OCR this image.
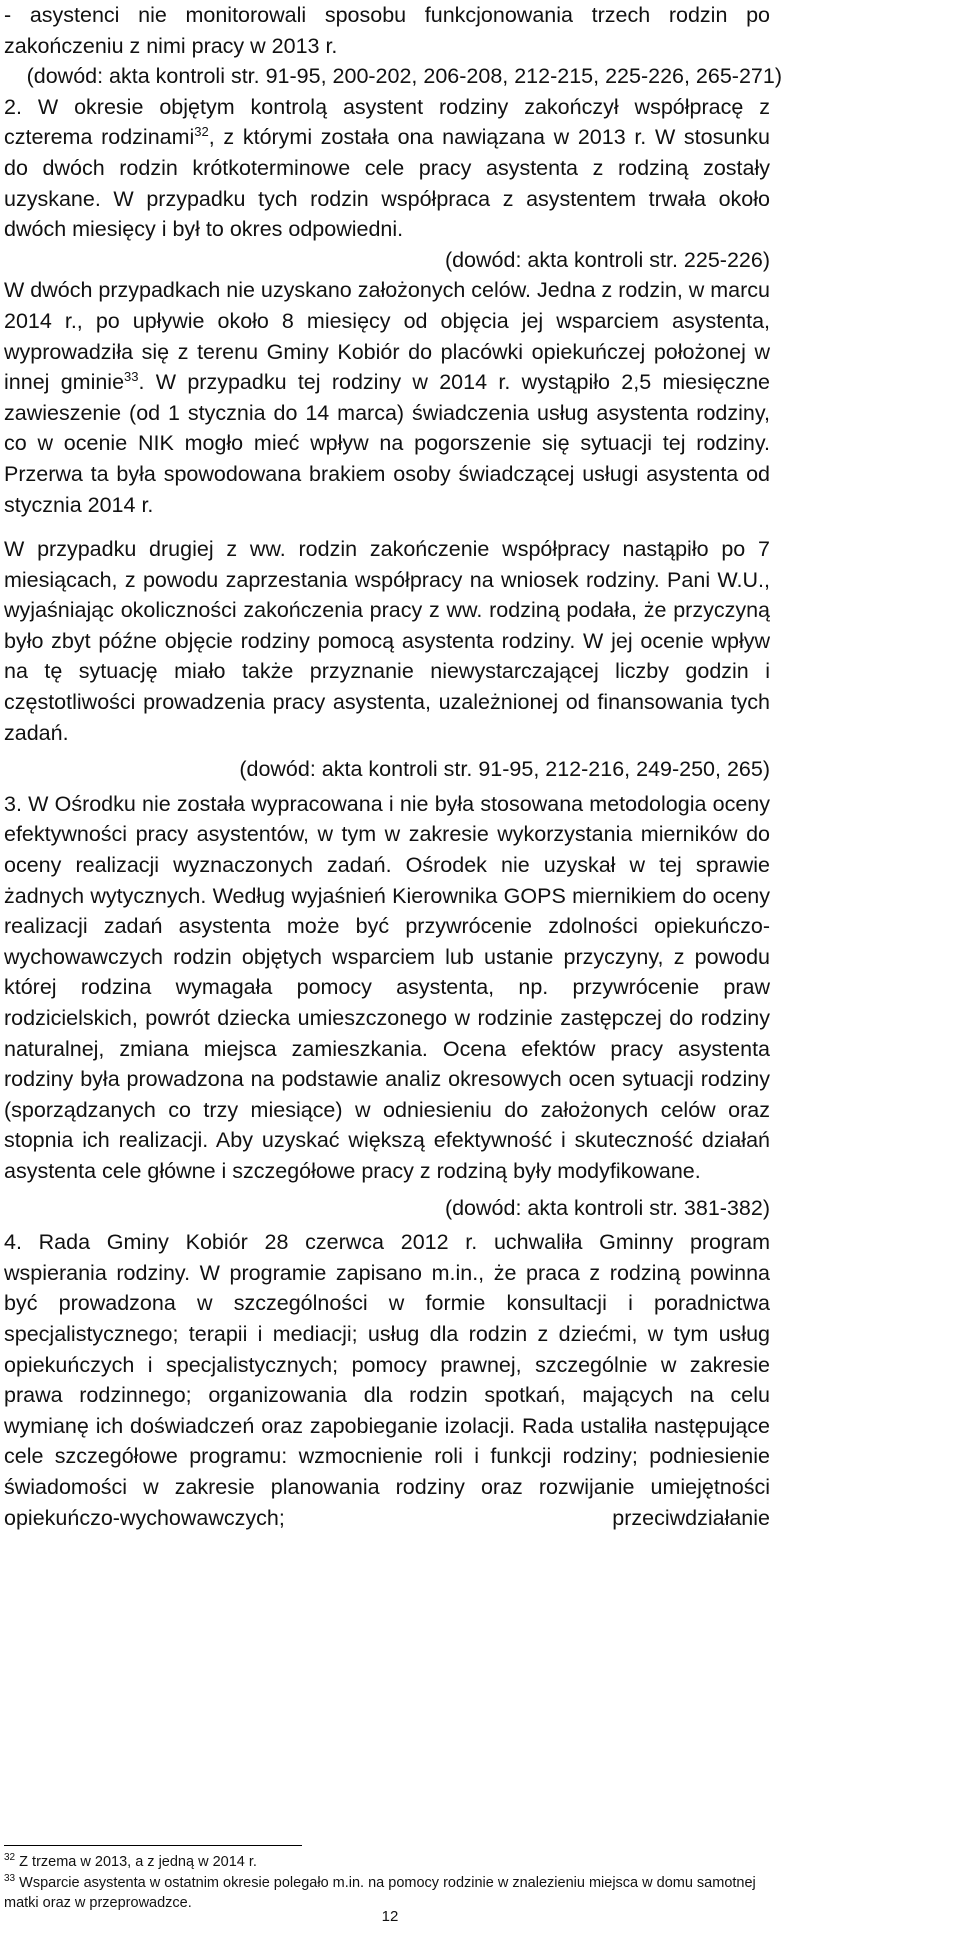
- asystenci nie monitorowali sposobu funkcjonowania trzech rodzin po zakończeniu z nimi pracy w 2013 r.

(dowód: akta kontroli str. 91-95, 200-202, 206-208, 212-215, 225-226, 265-271)

2. W okresie objętym kontrolą asystent rodziny zakończył współpracę z czterema rodzinami$^{32}$, z którymi została ona nawiązana w 2013 r. W stosunku do dwóch rodzin krótkoterminowe cele pracy asystenta z rodziną zostały uzyskane. W przypadku tych rodzin współpraca z asystentem trwała około dwóch miesięcy i był to okres odpowiedni.

(dowód: akta kontroli str. 225-226)

W dwóch przypadkach nie uzyskano założonych celów. Jedna z rodzin, w marcu 2014 r., po upływie około 8 miesięcy od objęcia jej wsparciem asystenta, wyprowadziła się z terenu Gminy Kobiór do placówki opiekuńczej położonej w innej gminie$^{33}$. W przypadku tej rodziny w 2014 r. wystąpiło 2,5 miesięczne zawieszenie (od 1 stycznia do 14 marca) świadczenia usług asystenta rodziny, co w ocenie NIK mogło mieć wpływ na pogorszenie się sytuacji tej rodziny. Przerwa ta była spowodowana brakiem osoby świadczącej usługi asystenta od stycznia 2014 r.

W przypadku drugiej z ww. rodzin zakończenie współpracy nastąpiło po 7 miesiącach, z powodu zaprzestania współpracy na wniosek rodziny. Pani W.U., wyjaśniając okoliczności zakończenia pracy z ww. rodziną podała, że przyczyną było zbyt późne objęcie rodziny pomocą asystenta rodziny. W jej ocenie wpływ na tę sytuację miało także przyznanie niewystarczającej liczby godzin i częstotliwości prowadzenia pracy asystenta, uzależnionej od finansowania tych zadań.

(dowód: akta kontroli str. 91-95, 212-216, 249-250, 265)

3. W Ośrodku nie została wypracowana i nie była stosowana metodologia oceny efektywności pracy asystentów, w tym w zakresie wykorzystania mierników do oceny realizacji wyznaczonych zadań. Ośrodek nie uzyskał w tej sprawie żadnych wytycznych. Według wyjaśnień Kierownika GOPS miernikiem do oceny realizacji zadań asystenta może być przywrócenie zdolności opiekuńczo-wychowawczych rodzin objętych wsparciem lub ustanie przyczyny, z powodu której rodzina wymagała pomocy asystenta, np. przywrócenie praw rodzicielskich, powrót dziecka umieszczonego w rodzinie zastępczej do rodziny naturalnej, zmiana miejsca zamieszkania. Ocena efektów pracy asystenta rodziny była prowadzona na podstawie analiz okresowych ocen sytuacji rodziny (sporządzanych co trzy miesiące) w odniesieniu do założonych celów oraz stopnia ich realizacji. Aby uzyskać większą efektywność i skuteczność działań asystenta cele główne i szczegółowe pracy z rodziną były modyfikowane.

(dowód: akta kontroli str. 381-382)

4. Rada Gminy Kobiór 28 czerwca 2012 r. uchwaliła Gminny program wspierania rodziny. W programie zapisano m.in., że praca z rodziną powinna być prowadzona w szczególności w formie konsultacji i poradnictwa specjalistycznego; terapii i mediacji; usług dla rodzin z dziećmi, w tym usług opiekuńczych i specjalistycznych; pomocy prawnej, szczególnie w zakresie prawa rodzinnego; organizowania dla rodzin spotkań, mających na celu wymianę ich doświadczeń oraz zapobieganie izolacji. Rada ustaliła następujące cele szczegółowe programu: wzmocnienie roli i funkcji rodziny; podniesienie świadomości w zakresie planowania rodziny oraz rozwijanie umiejętności opiekuńczo-wychowawczych; przeciwdziałanie

$^{32}$ Z trzema w 2013, a z jedną w 2014 r.

$^{33}$ Wsparcie asystenta w ostatnim okresie polegało m.in. na pomocy rodzinie w znalezieniu miejsca w domu samotnej matki oraz w przeprowadzce.

12
